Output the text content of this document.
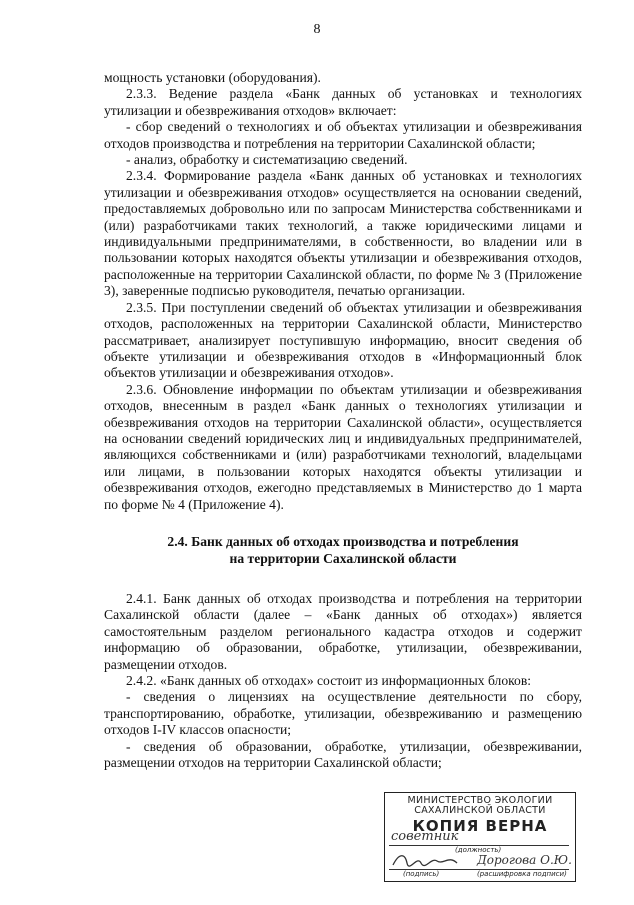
8

мощность установки (оборудования).

2.3.3. Ведение раздела «Банк данных об установках и технологиях утилизации и обезвреживания отходов» включает:

- сбор сведений о технологиях и об объектах утилизации и обезвреживания отходов производства и потребления на территории Сахалинской области;

- анализ, обработку и систематизацию сведений.

2.3.4. Формирование раздела «Банк данных об установках и технологиях утилизации и обезвреживания отходов» осуществляется на основании сведений, предоставляемых добровольно или по запросам Министерства собственниками и (или) разработчиками таких технологий, а также юридическими лицами и индивидуальными предпринимателями, в собственности, во владении или в пользовании которых находятся объекты утилизации и обезвреживания отходов, расположенные на территории Сахалинской области, по форме № 3 (Приложение 3), заверенные подписью руководителя, печатью организации.

2.3.5. При поступлении сведений об объектах утилизации и обезвреживания отходов, расположенных на территории Сахалинской области, Министерство рассматривает, анализирует поступившую информацию, вносит сведения об объекте утилизации и обезвреживания отходов в «Информационный блок объектов утилизации и обезвреживания отходов».

2.3.6. Обновление информации по объектам утилизации и обезвреживания отходов, внесенным в раздел «Банк данных о технологиях утилизации и обезвреживания отходов на территории Сахалинской области», осуществляется на основании сведений юридических лиц и индивидуальных предпринимателей, являющихся собственниками и (или) разработчиками технологий, владельцами или лицами, в пользовании которых находятся объекты утилизации и обезвреживания отходов, ежегодно представляемых в Министерство до 1 марта по форме № 4 (Приложение 4).

2.4. Банк данных об отходах производства и потребления
на территории Сахалинской области

2.4.1. Банк данных об отходах производства и потребления на территории Сахалинской области (далее – «Банк данных об отходах») является самостоятельным разделом регионального кадастра отходов и содержит информацию об образовании, обработке, утилизации, обезвреживании, размещении отходов.

2.4.2. «Банк данных об отходах» состоит из информационных блоков:

- сведения о лицензиях на осуществление деятельности по сбору, транспортированию, обработке, утилизации, обезвреживанию и размещению отходов I-IV классов опасности;

- сведения об образовании, обработке, утилизации, обезвреживании, размещении отходов на территории Сахалинской области;

МИНИСТЕРСТВО ЭКОЛОГИИ
САХАЛИНСКОЙ ОБЛАСТИ
КОПИЯ ВЕРНА
советник
(должность)
Дорогова О.Ю.
(подпись)	(расшифровка подписи)
